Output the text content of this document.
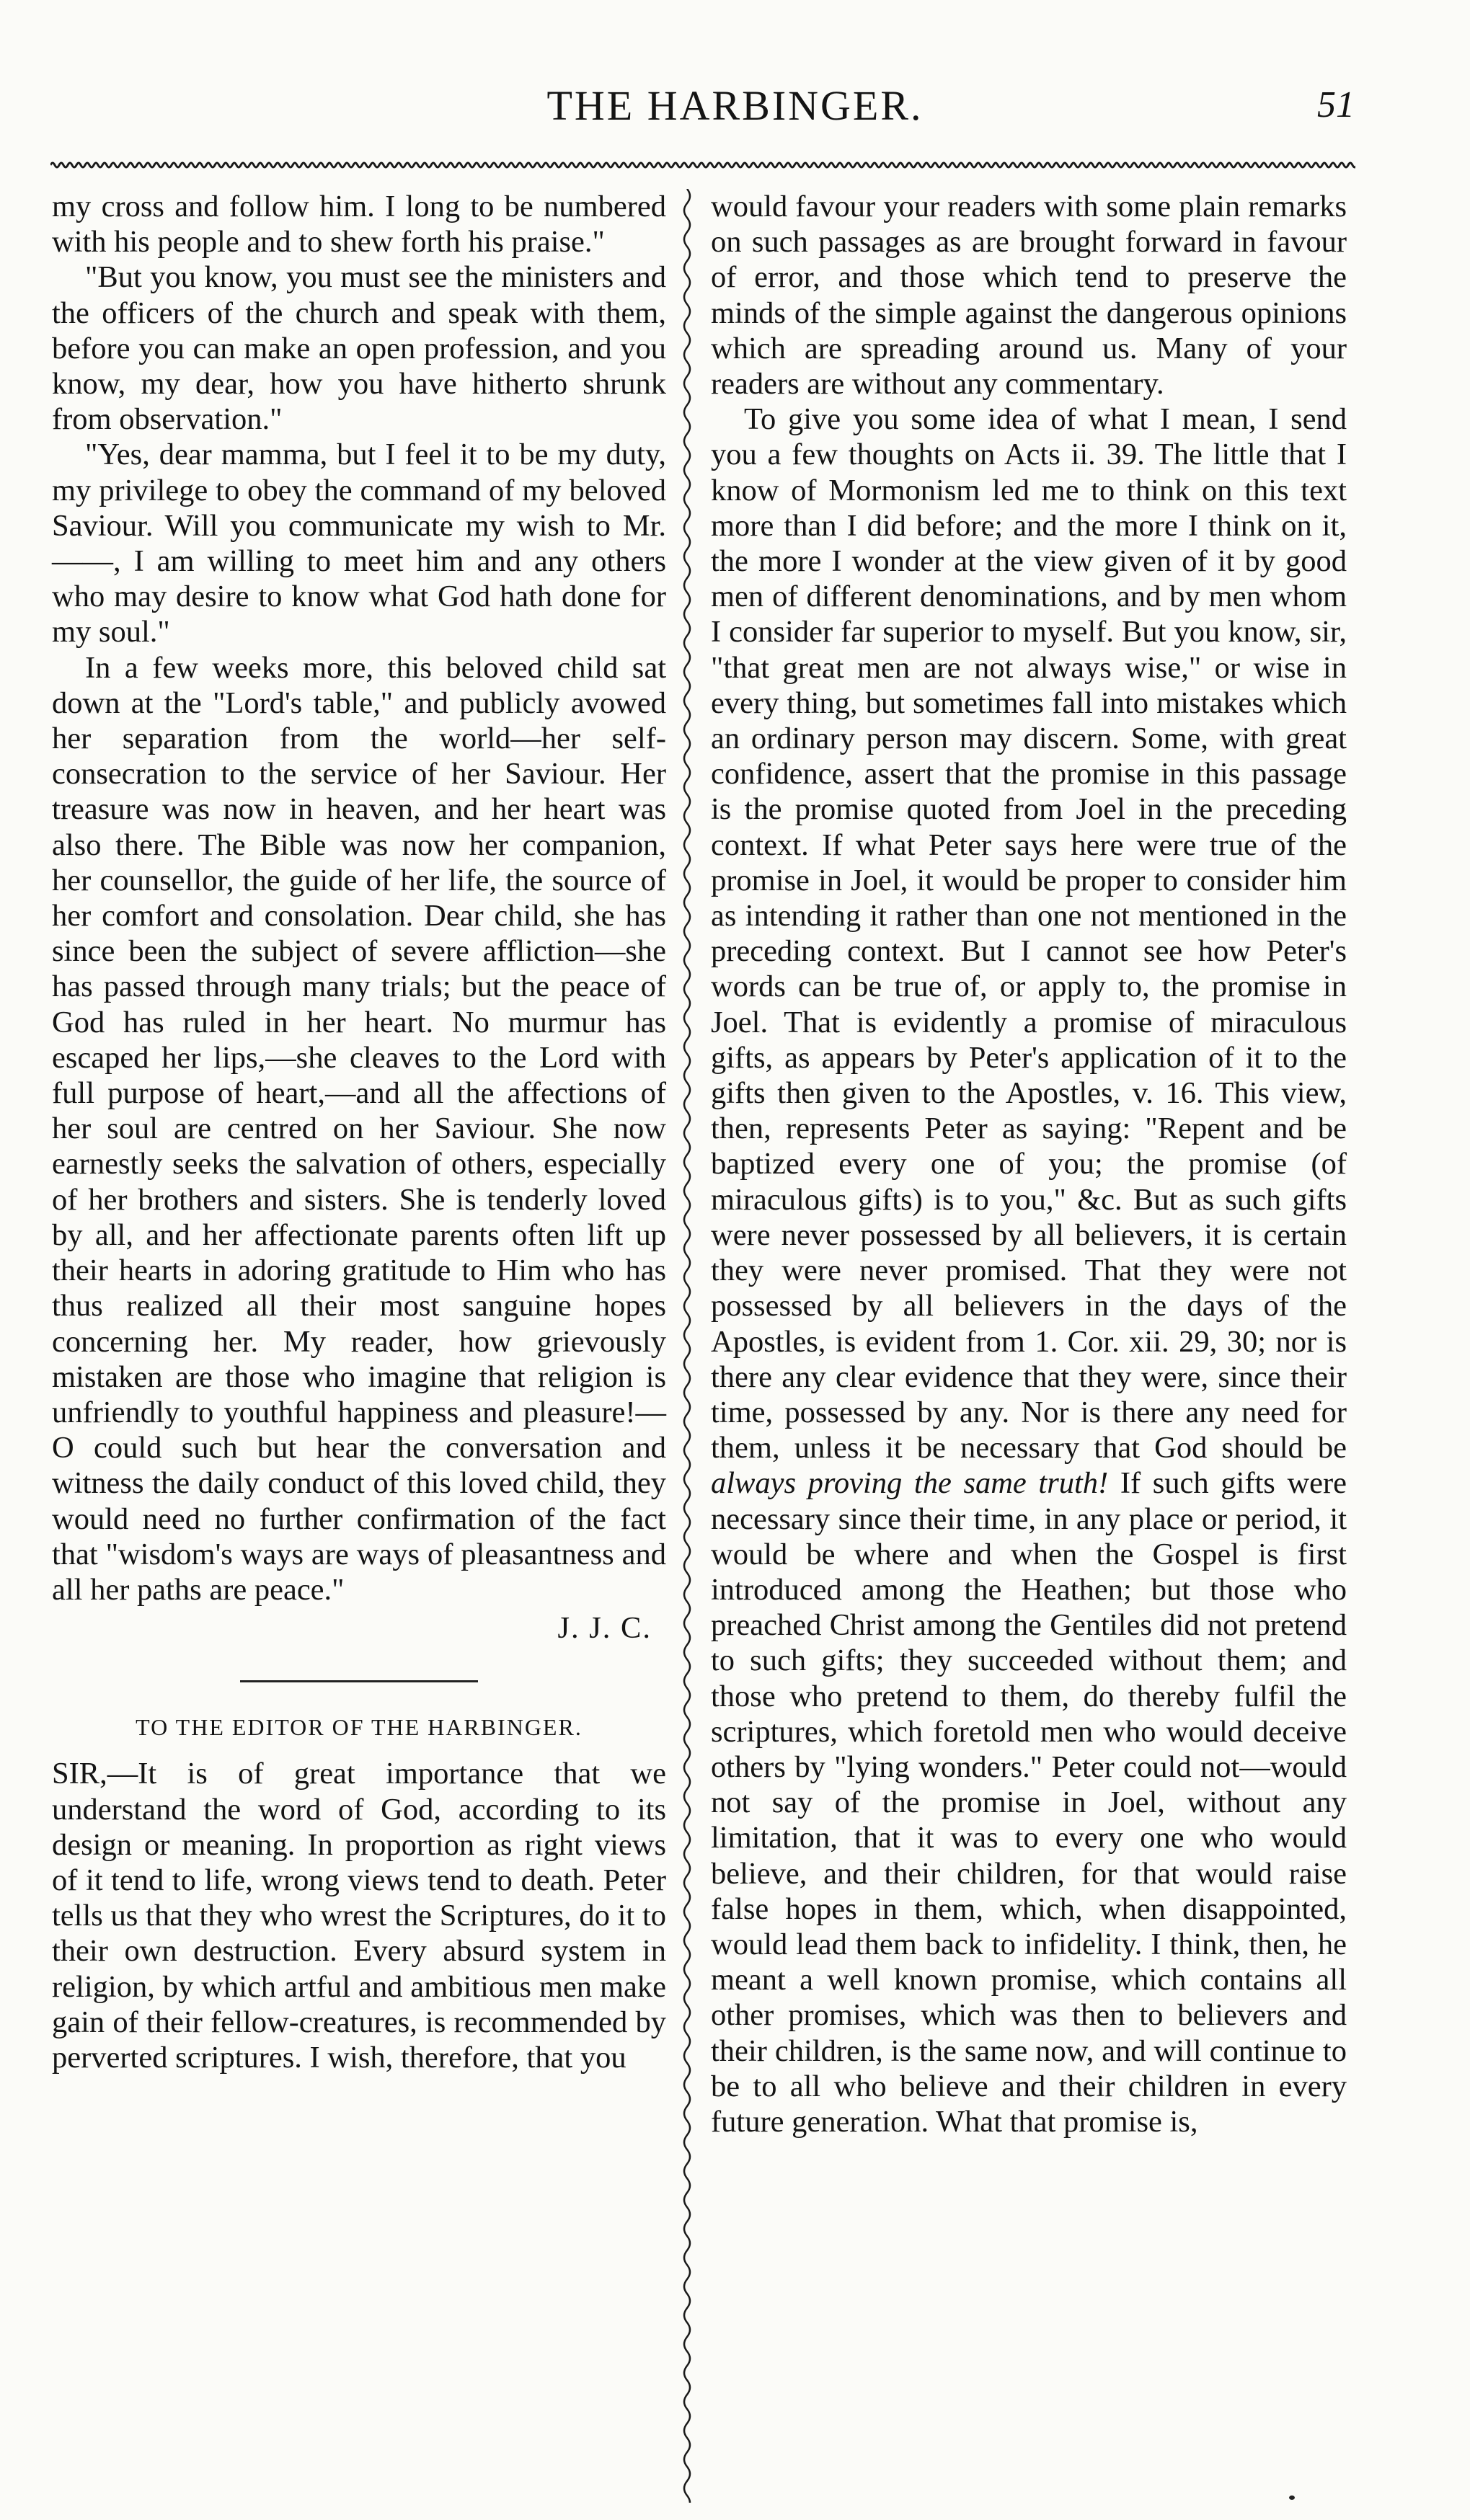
THE HARBINGER.	51

my cross and follow him. I long to be numbered with his people and to shew forth his praise."

"But you know, you must see the ministers and the officers of the church and speak with them, before you can make an open profession, and you know, my dear, how you have hitherto shrunk from observation."

"Yes, dear mamma, but I feel it to be my duty, my privilege to obey the command of my beloved Saviour. Will you communicate my wish to Mr. ——, I am willing to meet him and any others who may desire to know what God hath done for my soul."

In a few weeks more, this beloved child sat down at the "Lord's table," and publicly avowed her separation from the world—her self-consecration to the service of her Saviour. Her treasure was now in heaven, and her heart was also there. The Bible was now her companion, her counsellor, the guide of her life, the source of her comfort and consolation. Dear child, she has since been the subject of severe affliction—she has passed through many trials; but the peace of God has ruled in her heart. No murmur has escaped her lips,—she cleaves to the Lord with full purpose of heart,—and all the affections of her soul are centred on her Saviour. She now earnestly seeks the salvation of others, especially of her brothers and sisters. She is tenderly loved by all, and her affectionate parents often lift up their hearts in adoring gratitude to Him who has thus realized all their most sanguine hopes concerning her. My reader, how grievously mistaken are those who imagine that religion is unfriendly to youthful happiness and pleasure!—O could such but hear the conversation and witness the daily conduct of this loved child, they would need no further confirmation of the fact that "wisdom's ways are ways of pleasantness and all her paths are peace."

J. J. C.
TO THE EDITOR OF THE HARBINGER.

SIR,—It is of great importance that we understand the word of God, according to its design or meaning. In proportion as right views of it tend to life, wrong views tend to death. Peter tells us that they who wrest the Scriptures, do it to their own destruction. Every absurd system in religion, by which artful and ambitious men make gain of their fellow-creatures, is recommended by perverted scriptures. I wish, therefore, that you

would favour your readers with some plain remarks on such passages as are brought forward in favour of error, and those which tend to preserve the minds of the simple against the dangerous opinions which are spreading around us. Many of your readers are without any commentary.

To give you some idea of what I mean, I send you a few thoughts on Acts ii. 39. The little that I know of Mormonism led me to think on this text more than I did before; and the more I think on it, the more I wonder at the view given of it by good men of different denominations, and by men whom I consider far superior to myself. But you know, sir, "that great men are not always wise," or wise in every thing, but sometimes fall into mistakes which an ordinary person may discern. Some, with great confidence, assert that the promise in this passage is the promise quoted from Joel in the preceding context. If what Peter says here were true of the promise in Joel, it would be proper to consider him as intending it rather than one not mentioned in the preceding context. But I cannot see how Peter's words can be true of, or apply to, the promise in Joel. That is evidently a promise of miraculous gifts, as appears by Peter's application of it to the gifts then given to the Apostles, v. 16. This view, then, represents Peter as saying: "Repent and be baptized every one of you; the promise (of miraculous gifts) is to you," &c. But as such gifts were never possessed by all believers, it is certain they were never promised. That they were not possessed by all believers in the days of the Apostles, is evident from 1. Cor. xii. 29, 30; nor is there any clear evidence that they were, since their time, possessed by any. Nor is there any need for them, unless it be necessary that God should be always proving the same truth! If such gifts were necessary since their time, in any place or period, it would be where and when the Gospel is first introduced among the Heathen; but those who preached Christ among the Gentiles did not pretend to such gifts; they succeeded without them; and those who pretend to them, do thereby fulfil the scriptures, which foretold men who would deceive others by "lying wonders." Peter could not—would not say of the promise in Joel, without any limitation, that it was to every one who would believe, and their children, for that would raise false hopes in them, which, when disappointed, would lead them back to infidelity. I think, then, he meant a well known promise, which contains all other promises, which was then to believers and their children, is the same now, and will continue to be to all who believe and their children in every future generation. What that promise is,
